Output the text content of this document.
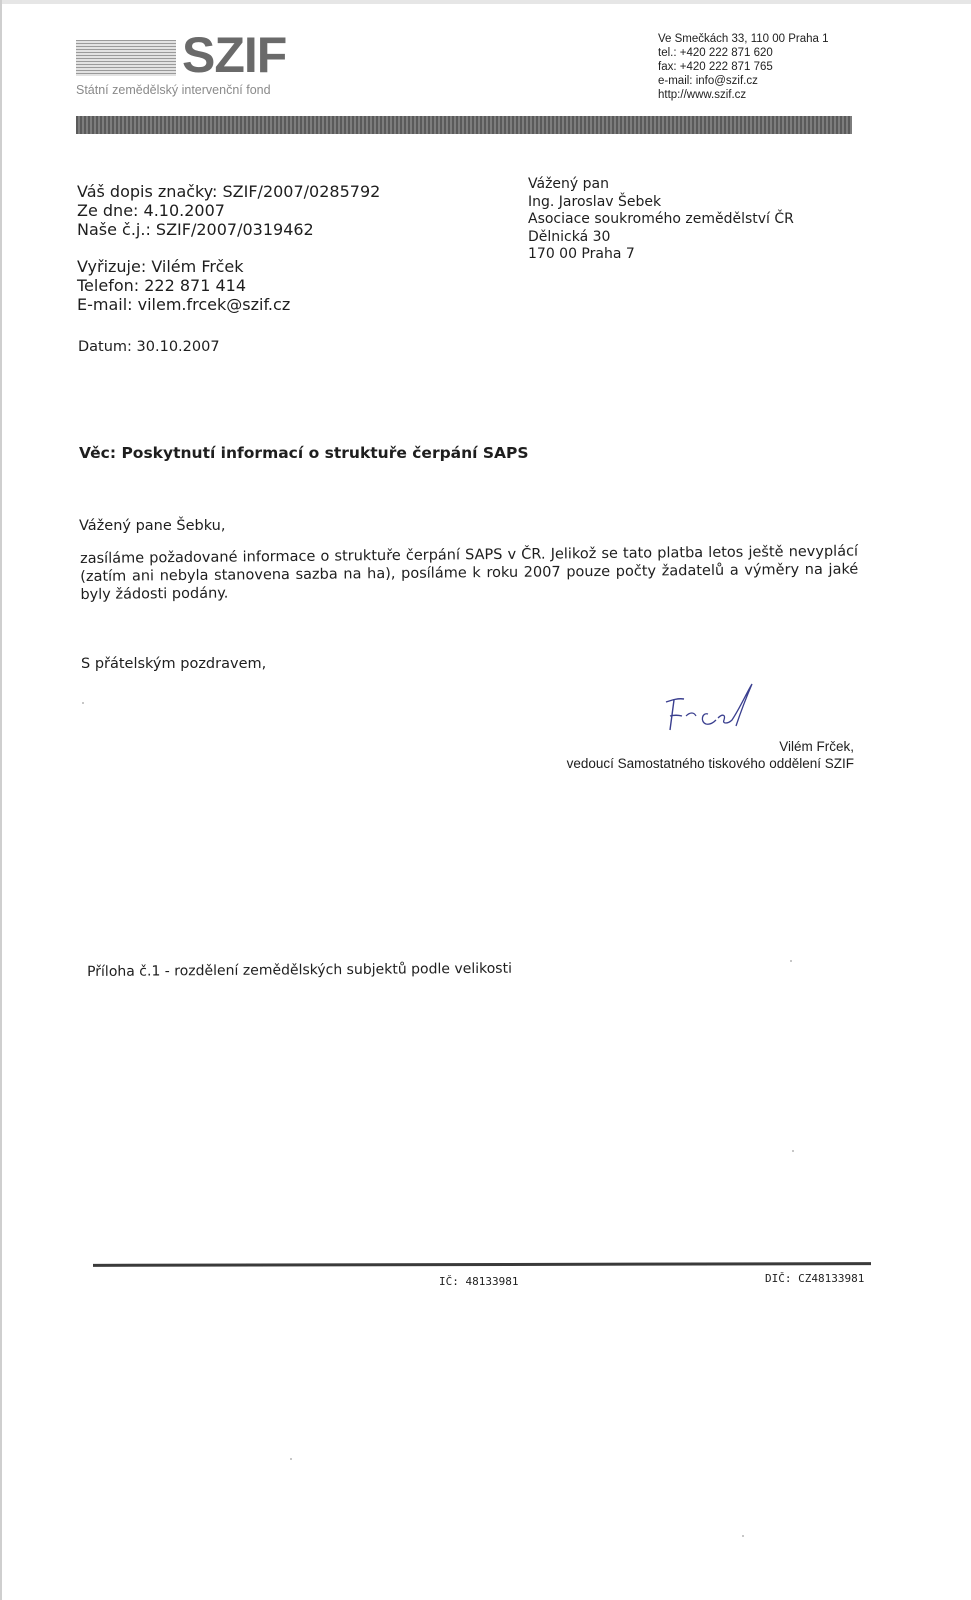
SZIF
Státní zemědělský intervenční fond
Ve Smečkách 33, 110 00 Praha 1
tel.: +420 222 871 620
fax: +420 222 871 765
e-mail: info@szif.cz
http://www.szif.cz
Váš dopis značky: SZIF/2007/0285792
Ze dne: 4.10.2007
Naše č.j.: SZIF/2007/0319462
Vyřizuje: Vilém Frček
Telefon: 222 871 414
E-mail: vilem.frcek@szif.cz
Vážený pan
Ing. Jaroslav Šebek
Asociace soukromého zemědělství ČR
Dělnická 30
170 00 Praha 7
Datum: 30.10.2007
Věc: Poskytnutí informací o struktuře čerpání SAPS
Vážený pane Šebku,
zasíláme požadované informace o struktuře čerpání SAPS v ČR. Jelikož se tato platba letos ještě nevyplácí (zatím ani nebyla stanovena sazba na ha), posíláme k roku 2007 pouze počty žadatelů a výměry na jaké byly žádosti podány.
S přátelským pozdravem,
Vilém Frček,
vedoucí Samostatného tiskového oddělení SZIF
Příloha č.1 - rozdělení zemědělských subjektů podle velikosti
IČ: 48133981	DIČ: CZ48133981
